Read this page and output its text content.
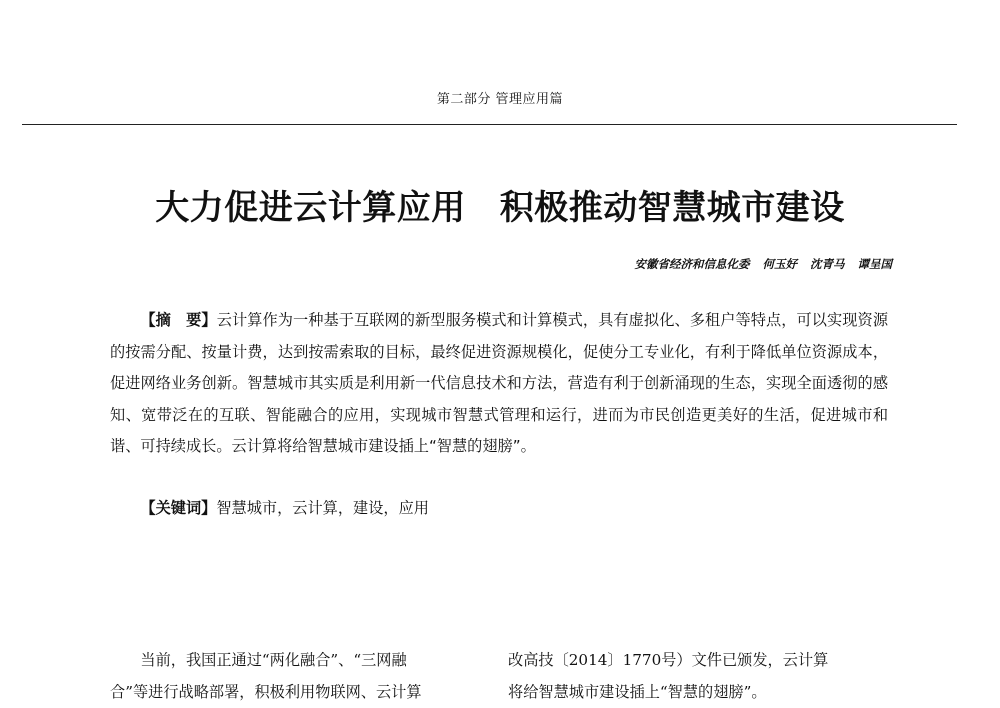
第二部分 管理应用篇
大力促进云计算应用 积极推动智慧城市建设
安徽省经济和信息化委 何玉好 沈青马 谭呈国

【摘　要】云计算作为一种基于互联网的新型服务模式和计算模式，具有虚拟化、多租户等特点，可以实现资源的按需分配、按量计费，达到按需索取的目标，最终促进资源规模化，促使分工专业化，有利于降低单位资源成本，促进网络业务创新。智慧城市其实质是利用新一代信息技术和方法，营造有利于创新涌现的生态，实现全面透彻的感知、宽带泛在的互联、智能融合的应用，实现城市智慧式管理和运行，进而为市民创造更美好的生活，促进城市和谐、可持续成长。云计算将给智慧城市建设插上“智慧的翅膀”。

【关键词】智慧城市，云计算，建设，应用

当前，我国正通过“两化融合”、“三网融
合”等进行战略部署，积极利用物联网、云计算
改高技〔2014〕1770号）文件已颁发，云计算
将给智慧城市建设插上“智慧的翅膀”。
